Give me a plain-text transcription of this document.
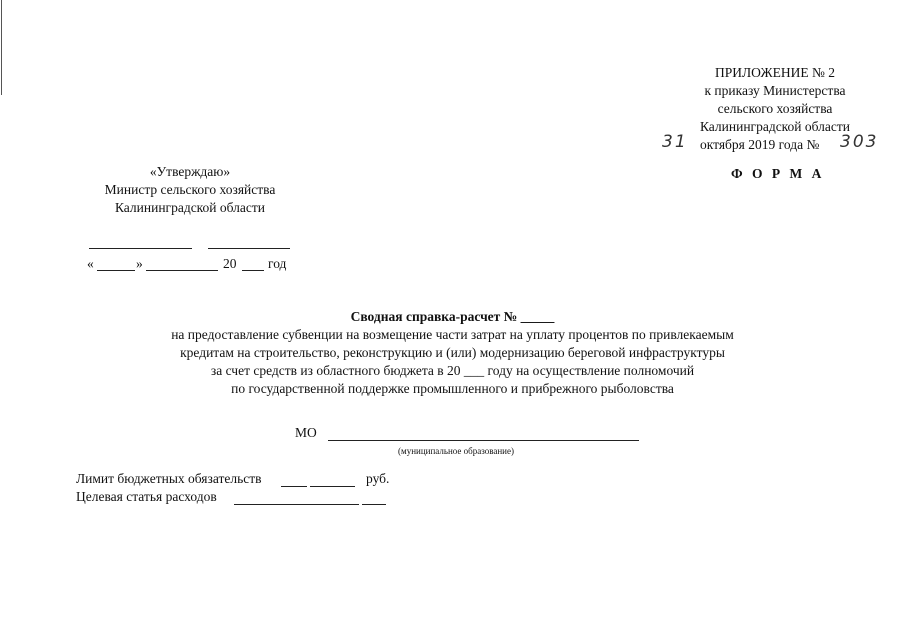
ПРИЛОЖЕНИЕ № 2
к приказу Министерства
сельского хозяйства
Калининградской области
31 октября 2019 года № 303
Ф О Р М А
«Утверждаю»
Министр сельского хозяйства
Калининградской области
«	»	20 год
Сводная справка-расчет № _____
на предоставление субвенции на возмещение части затрат на уплату процентов по привлекаемым
кредитам на строительство, реконструкцию и (или) модернизацию береговой инфраструктуры
за счет средств из областного бюджета в 20 ___ году на осуществление полномочий
по государственной поддержке промышленного и прибрежного рыболовства
МО
(муниципальное образование)
Лимит бюджетных обязательств	руб.
Целевая статья расходов
